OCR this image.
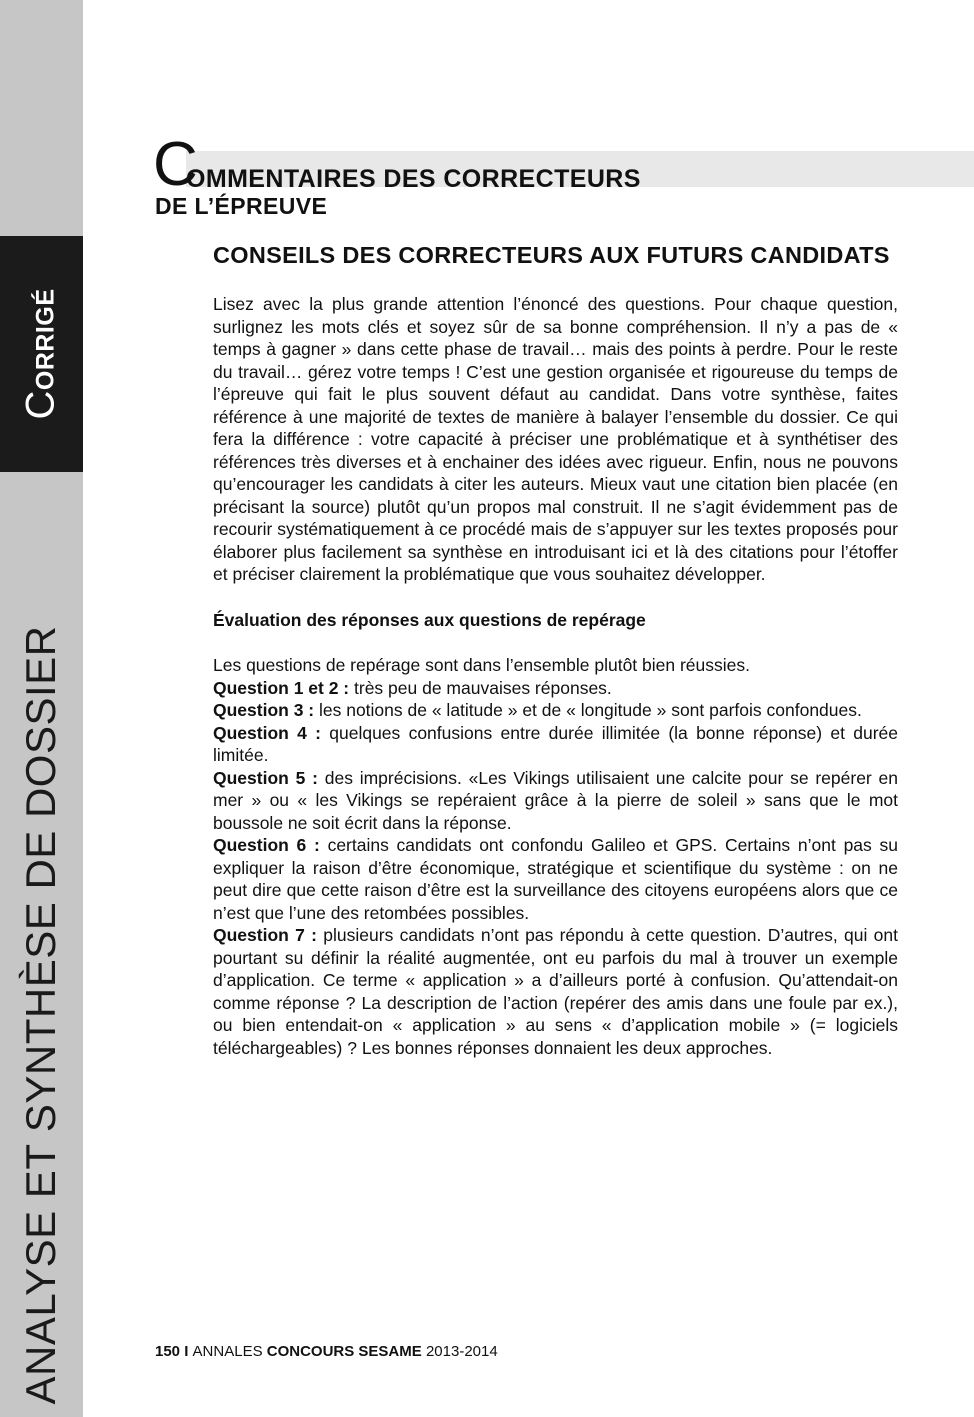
CORRIGÉ
ANALYSE ET SYNTHÈSE DE DOSSIER
C
OMMENTAIRES DES CORRECTEURS
DE L’ÉPREUVE
CONSEILS DES CORRECTEURS AUX FUTURS CANDIDATS

Lisez avec la plus grande attention l’énoncé des questions. Pour chaque question, surlignez les mots clés et soyez sûr de sa bonne compréhension. Il n’y a pas de « temps à gagner » dans cette phase de travail… mais des points à perdre. Pour le reste du travail… gérez votre temps ! C’est une gestion organisée et rigoureuse du temps de l’épreuve qui fait le plus souvent défaut au candidat. Dans votre synthèse, faites référence à une majorité de textes de manière à balayer l’ensemble du dossier. Ce qui fera la différence : votre capacité à préciser une problématique et à synthétiser des références très diverses et à enchainer des idées avec rigueur. Enfin, nous ne pouvons qu’encourager les candidats à citer les auteurs. Mieux vaut une citation bien placée (en précisant la source) plutôt qu’un propos mal construit. Il ne s’agit évidemment pas de recourir systématiquement à ce procédé mais de s’appuyer sur les textes proposés pour élaborer plus facilement sa synthèse en introduisant ici et là des citations pour l’étoffer et préciser clairement la problématique que vous souhaitez développer.

Évaluation des réponses aux questions de repérage

Les questions de repérage sont dans l’ensemble plutôt bien réussies.

Question 1 et 2 : très peu de mauvaises réponses.

Question 3 : les notions de « latitude » et de « longitude » sont parfois confondues.

Question 4 : quelques confusions entre durée illimitée (la bonne réponse) et durée limitée.

Question 5 : des imprécisions. «Les Vikings utilisaient une calcite pour se repérer en mer » ou « les Vikings se repéraient grâce à la pierre de soleil » sans que le mot boussole ne soit écrit dans la réponse.

Question 6 : certains candidats ont confondu Galileo et GPS. Certains n’ont pas su expliquer la raison d’être économique, stratégique et scientifique du système : on ne peut dire que cette raison d’être est la surveillance des citoyens européens alors que ce n’est que l’une des retombées possibles.

Question 7 : plusieurs candidats n’ont pas répondu à cette question. D’autres, qui ont pourtant su définir la réalité augmentée, ont eu parfois du mal à trouver un exemple d’application. Ce terme « application » a d’ailleurs porté à confusion. Qu’attendait-on comme réponse ? La description de l’action (repérer des amis dans une foule par ex.), ou bien entendait-on « application » au sens « d’application mobile » (= logiciels téléchargeables) ? Les bonnes réponses donnaient les deux approches.

150 I ANNALES CONCOURS SESAME 2013-2014
